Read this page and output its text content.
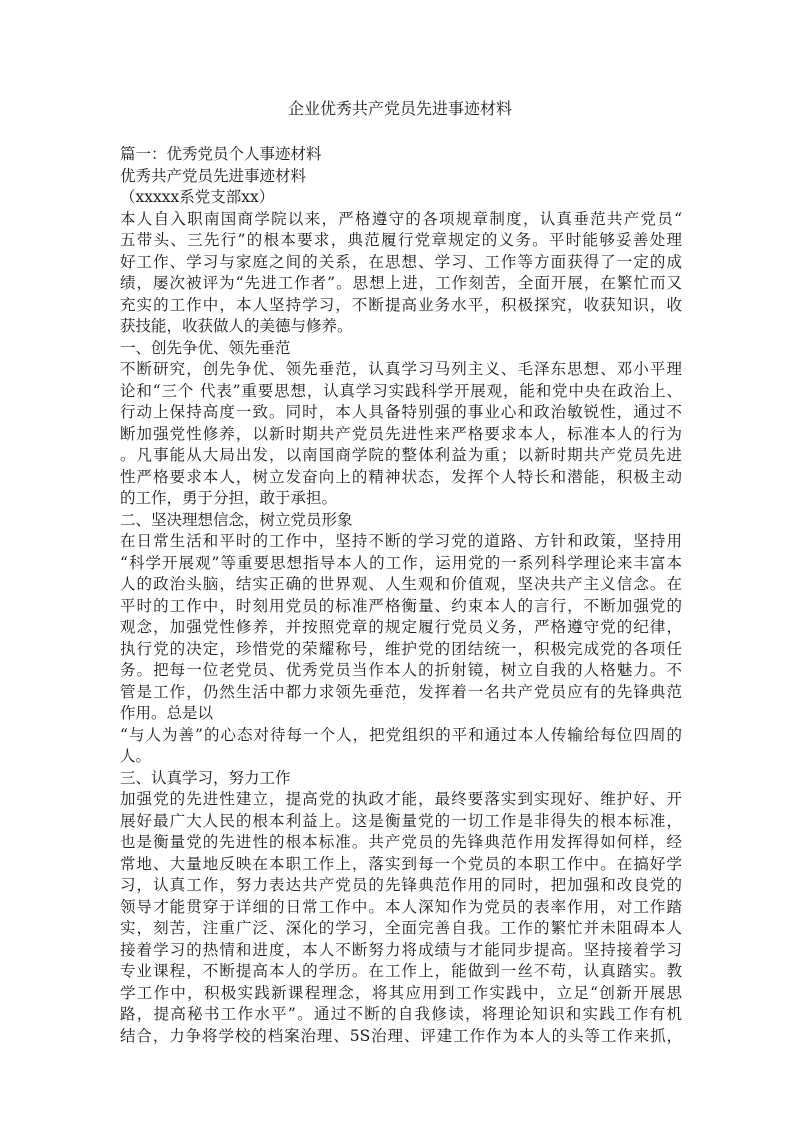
企业优秀共产党员先进事迹材料
篇一：优秀党员个人事迹材料
优秀共产党员先进事迹材料
（xxxxx系党支部xx）
本人自入职南国商学院以来，严格遵守的各项规章制度，认真垂范共产党员“
五带头、三先行”的根本要求，典范履行党章规定的义务。平时能够妥善处理
好工作、学习与家庭之间的关系，在思想、学习、工作等方面获得了一定的成
绩，屡次被评为“先进工作者”。思想上进，工作刻苦，全面开展，在繁忙而又
充实的工作中，本人坚持学习，不断提高业务水平，积极探究，收获知识，收
获技能，收获做人的美德与修养。
一、创先争优、领先垂范
不断研究，创先争优、领先垂范，认真学习马列主义、毛泽东思想、邓小平理
论和“三个 代表”重要思想，认真学习实践科学开展观，能和党中央在政治上、
行动上保持高度一致。同时，本人具备特别强的事业心和政治敏锐性，通过不
断加强党性修养，以新时期共产党员先进性来严格要求本人，标准本人的行为
。凡事能从大局出发，以南国商学院的整体利益为重；以新时期共产党员先进
性严格要求本人，树立发奋向上的精神状态，发挥个人特长和潜能，积极主动
的工作，勇于分担，敢于承担。
二、坚决理想信念，树立党员形象
在日常生活和平时的工作中，坚持不断的学习党的道路、方针和政策，坚持用
“科学开展观”等重要思想指导本人的工作，运用党的一系列科学理论来丰富本
人的政治头脑，结实正确的世界观、人生观和价值观，坚决共产主义信念。在
平时的工作中，时刻用党员的标准严格衡量、约束本人的言行，不断加强党的
观念，加强党性修养，并按照党章的规定履行党员义务，严格遵守党的纪律，
执行党的决定，珍惜党的荣耀称号，维护党的团结统一，积极完成党的各项任
务。把每一位老党员、优秀党员当作本人的折射镜，树立自我的人格魅力。不
管是工作，仍然生活中都力求领先垂范，发挥着一名共产党员应有的先锋典范
作用。总是以
“与人为善”的心态对待每一个人，把党组织的平和通过本人传输给每位四周的
人。
三、认真学习，努力工作
加强党的先进性建立，提高党的执政才能，最终要落实到实现好、维护好、开
展好最广大人民的根本利益上。这是衡量党的一切工作是非得失的根本标准，
也是衡量党的先进性的根本标准。共产党员的先锋典范作用发挥得如何样，经
常地、大量地反映在本职工作上，落实到每一个党员的本职工作中。在搞好学
习，认真工作，努力表达共产党员的先锋典范作用的同时，把加强和改良党的
领导才能贯穿于详细的日常工作中。本人深知作为党员的表率作用，对工作踏
实，刻苦，注重广泛、深化的学习，全面完善自我。工作的繁忙并未阻碍本人
接着学习的热情和进度，本人不断努力将成绩与才能同步提高。坚持接着学习
专业课程，不断提高本人的学历。在工作上，能做到一丝不苟，认真踏实。教
学工作中，积极实践新课程理念，将其应用到工作实践中，立足“创新开展思
路，提高秘书工作水平”。通过不断的自我修读，将理论知识和实践工作有机
结合，力争将学校的档案治理、5S治理、评建工作作为本人的头等工作来抓，
